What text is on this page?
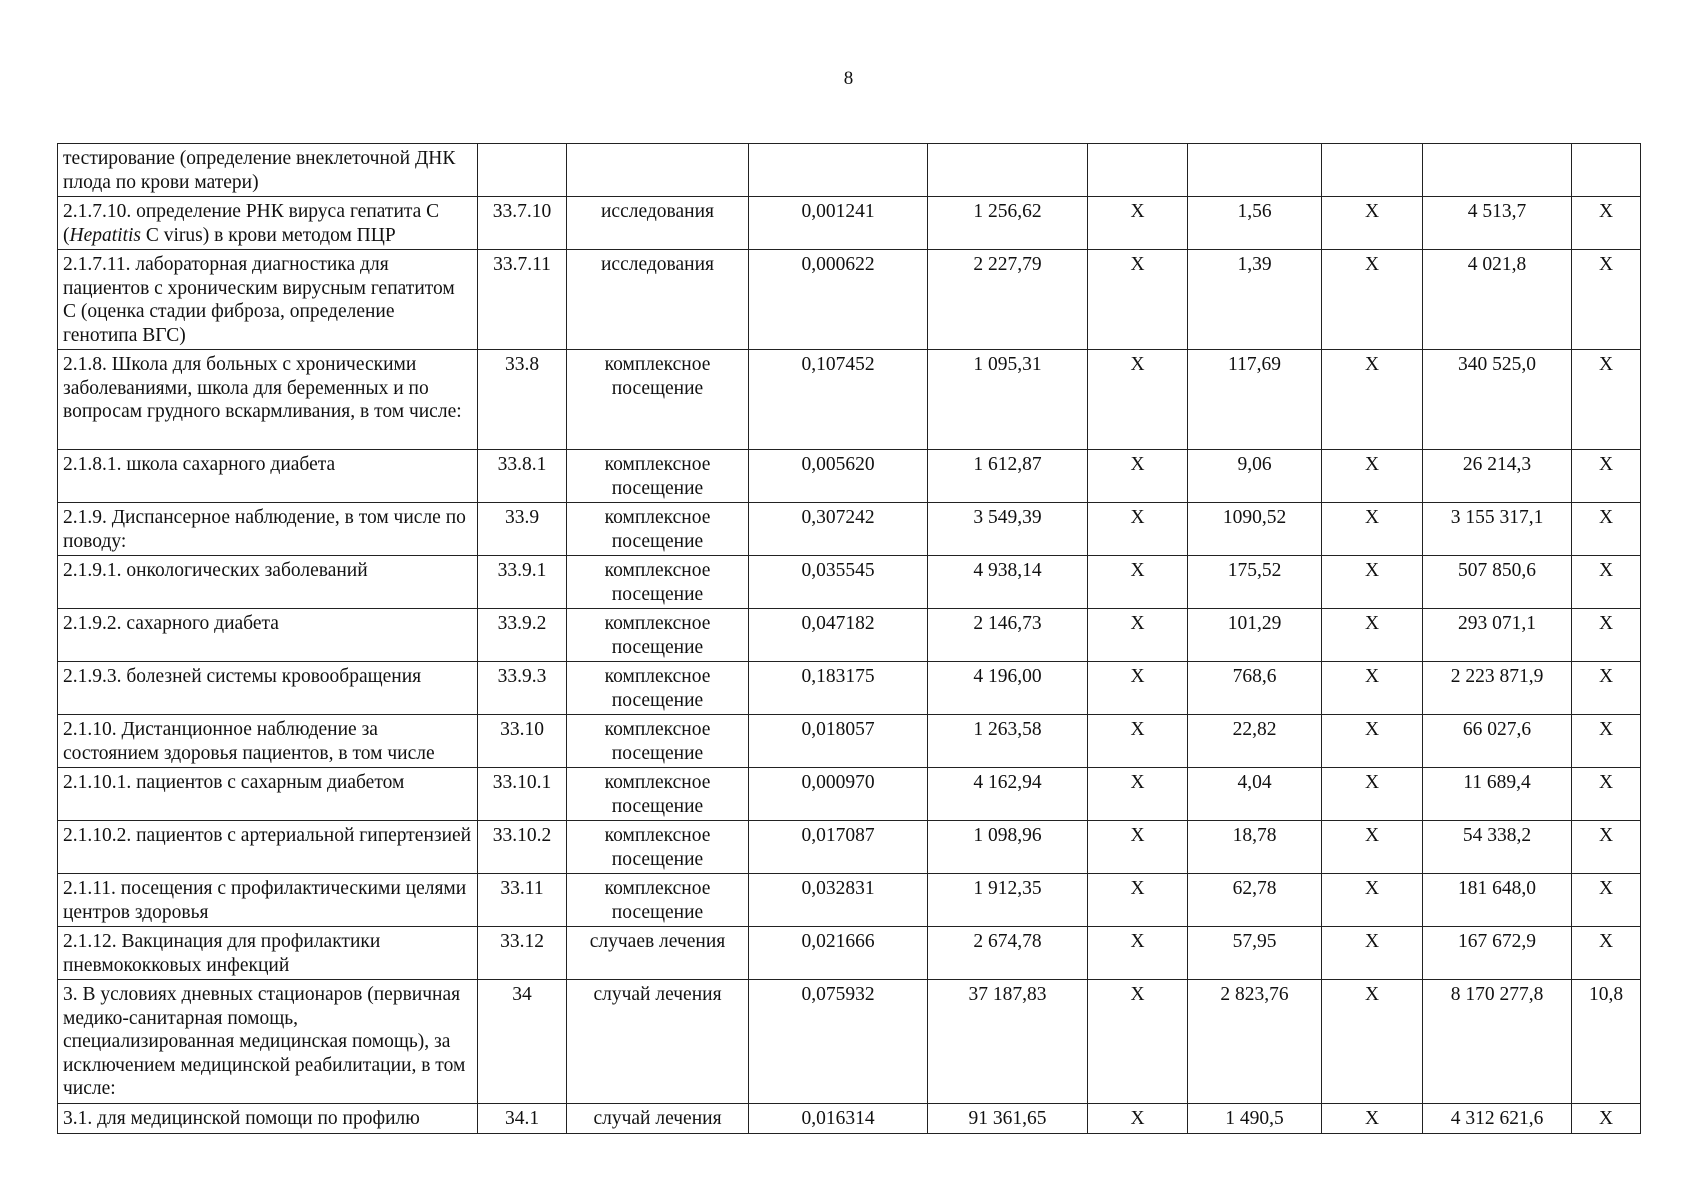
8
тестирование (определение внеклеточной ДНК плода по крови матери)									
2.1.7.10. определение РНК вируса гепатита С (Hepatitis C virus) в крови методом ПЦР	33.7.10	исследования	0,001241	1 256,62	X	1,56	X	4 513,7	X
2.1.7.11. лабораторная диагностика для пациентов с хроническим вирусным гепатитом С (оценка стадии фиброза, определение генотипа ВГС)	33.7.11	исследования	0,000622	2 227,79	X	1,39	X	4 021,8	X
2.1.8. Школа для больных с хроническими заболеваниями, школа для беременных и по вопросам грудного вскармливания, в том числе:	33.8	комплексное посещение	0,107452	1 095,31	X	117,69	X	340 525,0	X
2.1.8.1. школа сахарного диабета	33.8.1	комплексное посещение	0,005620	1 612,87	X	9,06	X	26 214,3	X
2.1.9. Диспансерное наблюдение, в том числе по поводу:	33.9	комплексное посещение	0,307242	3 549,39	X	1090,52	X	3 155 317,1	X
2.1.9.1. онкологических заболеваний	33.9.1	комплексное посещение	0,035545	4 938,14	X	175,52	X	507 850,6	X
2.1.9.2. сахарного диабета	33.9.2	комплексное посещение	0,047182	2 146,73	X	101,29	X	293 071,1	X
2.1.9.3. болезней системы кровообращения	33.9.3	комплексное посещение	0,183175	4 196,00	X	768,6	X	2 223 871,9	X
2.1.10. Дистанционное наблюдение за состоянием здоровья пациентов, в том числе	33.10	комплексное посещение	0,018057	1 263,58	X	22,82	X	66 027,6	X
2.1.10.1. пациентов с сахарным диабетом	33.10.1	комплексное посещение	0,000970	4 162,94	X	4,04	X	11 689,4	X
2.1.10.2. пациентов с артериальной гипертензией	33.10.2	комплексное посещение	0,017087	1 098,96	X	18,78	X	54 338,2	X
2.1.11. посещения с профилактическими целями центров здоровья	33.11	комплексное посещение	0,032831	1 912,35	X	62,78	X	181 648,0	X
2.1.12. Вакцинация для профилактики пневмококковых инфекций	33.12	случаев лечения	0,021666	2 674,78	X	57,95	X	167 672,9	X
3. В условиях дневных стационаров (первичная медико-санитарная помощь, специализированная медицинская помощь), за исключением медицинской реабилитации, в том числе:	34	случай лечения	0,075932	37 187,83	X	2 823,76	X	8 170 277,8	10,8
3.1. для медицинской помощи по профилю	34.1	случай лечения	0,016314	91 361,65	X	1 490,5	X	4 312 621,6	X
